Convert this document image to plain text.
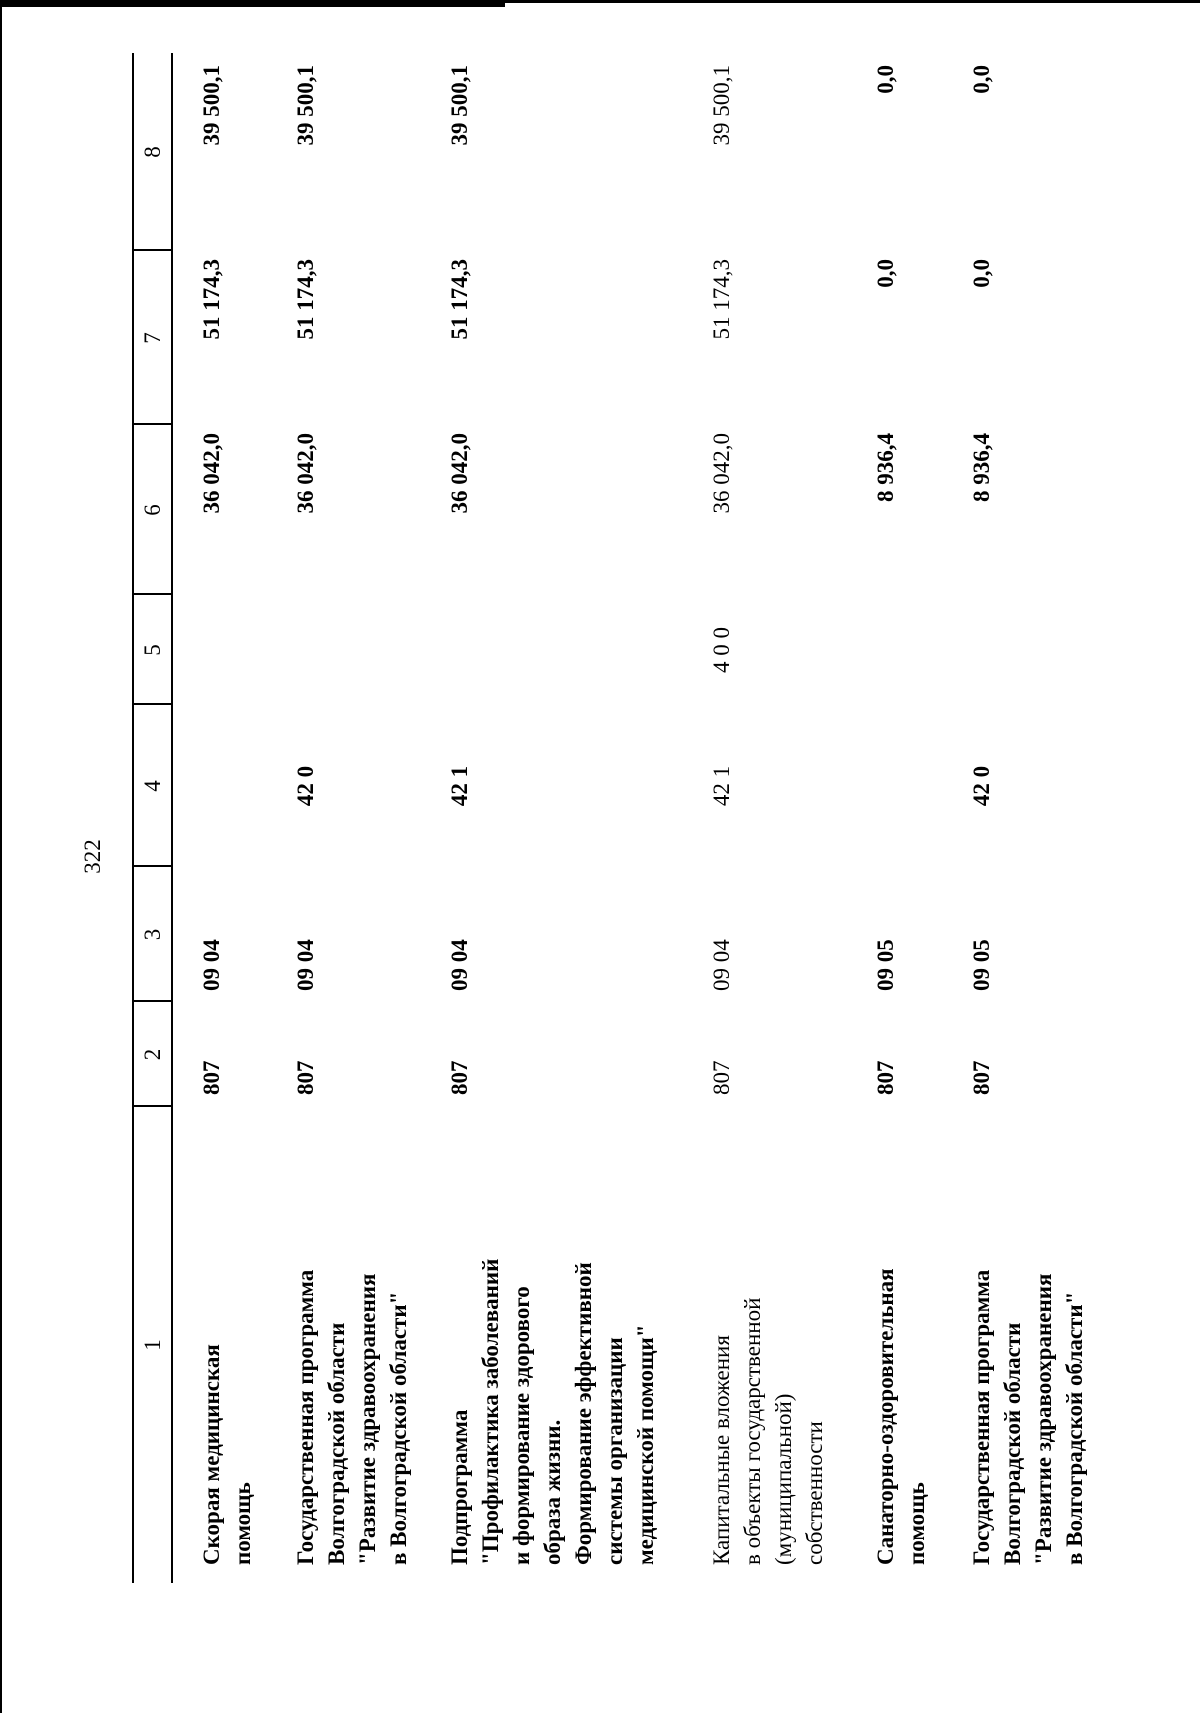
322
1
2
3
4
5
6
7
8
Скорая медицинская
помощь
807
09 04
36 042,0
51 174,3
39 500,1
Государственная программа
Волгоградской области
"Развитие здравоохранения
в Волгоградской области"
807
09 04
42 0
36 042,0
51 174,3
39 500,1
Подпрограмма
"Профилактика заболеваний
и формирование здорового
образа жизни.
Формирование эффективной
системы организации
медицинской помощи"
807
09 04
42 1
36 042,0
51 174,3
39 500,1
Капитальные вложения
в объекты государственной
(муниципальной)
собственности
807
09 04
42 1
4 0 0
36 042,0
51 174,3
39 500,1
Санаторно-оздоровительная
помощь
807
09 05
8 936,4
0,0
0,0
Государственная программа
Волгоградской области
"Развитие здравоохранения
в Волгоградской области"
807
09 05
42 0
8 936,4
0,0
0,0
